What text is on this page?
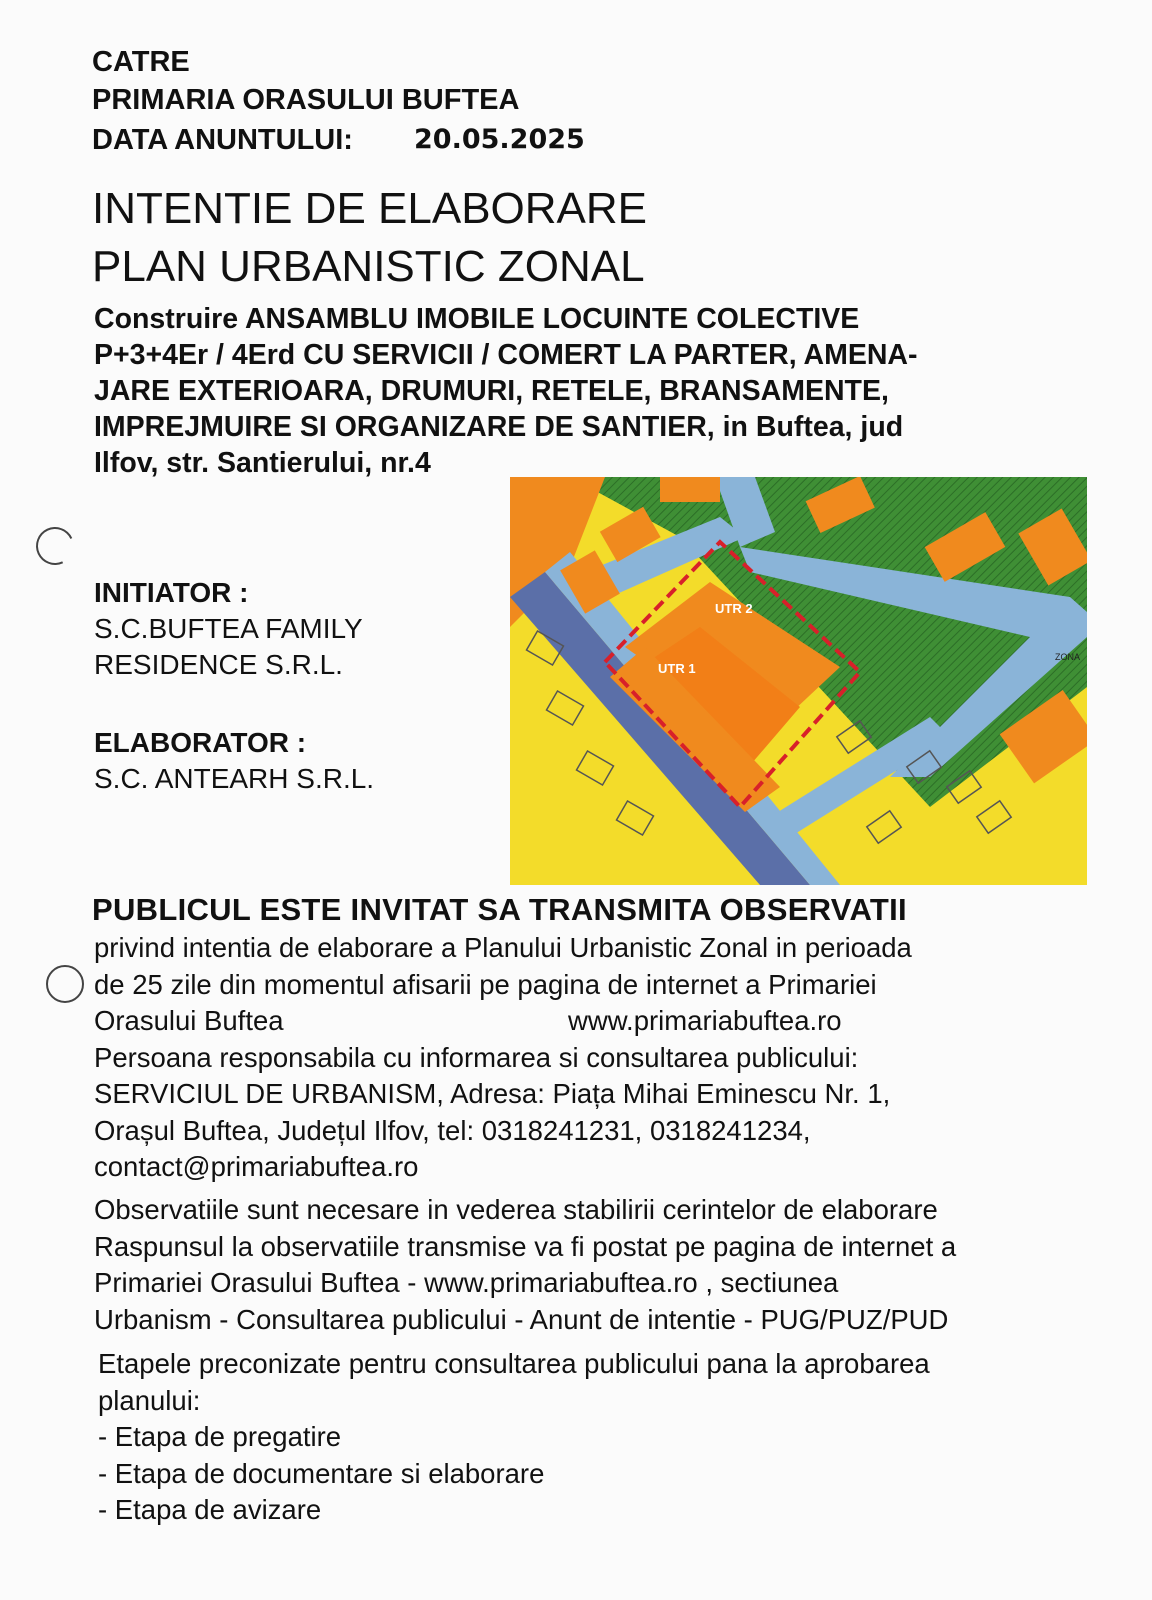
CATRE

PRIMARIA ORASULUI BUFTEA

DATA ANUNTULUI: 20.05.2025

INTENTIE DE ELABORARE

PLAN URBANISTIC ZONAL

Construire ANSAMBLU IMOBILE LOCUINTE COLECTIVE
P+3+4Er / 4Erd CU SERVICII / COMERT LA PARTER, AMENA-
JARE EXTERIOARA, DRUMURI, RETELE, BRANSAMENTE,
IMPREJMUIRE SI ORGANIZARE DE SANTIER, in Buftea, jud
Ilfov, str. Santierului, nr.4
INITIATOR :
S.C.BUFTEA FAMILY
RESIDENCE S.R.L.
ELABORATOR :
S.C. ANTEARH S.R.L.
UTR 2
UTR 1
ZONA

PUBLICUL ESTE INVITAT SA TRANSMITA OBSERVATII

privind intentia de elaborare a Planului Urbanistic Zonal in perioada
de 25 zile din momentul afisarii pe pagina de internet a Primariei
Orasului Buftea	www.primariabuftea.ro
Persoana responsabila cu informarea si consultarea publicului:
SERVICIUL DE URBANISM, Adresa: Piața Mihai Eminescu Nr. 1,
Orașul Buftea, Județul Ilfov, tel: 0318241231, 0318241234,
contact@primariabuftea.ro
Observatiile sunt necesare in vederea stabilirii cerintelor de elaborare
Raspunsul la observatiile transmise va fi postat pe pagina de internet a
Primariei Orasului Buftea - www.primariabuftea.ro , sectiunea
Urbanism - Consultarea publicului - Anunt de intentie - PUG/PUZ/PUD
Etapele preconizate pentru consultarea publicului pana la aprobarea
planului:
- Etapa de pregatire
- Etapa de documentare si elaborare
- Etapa de avizare
